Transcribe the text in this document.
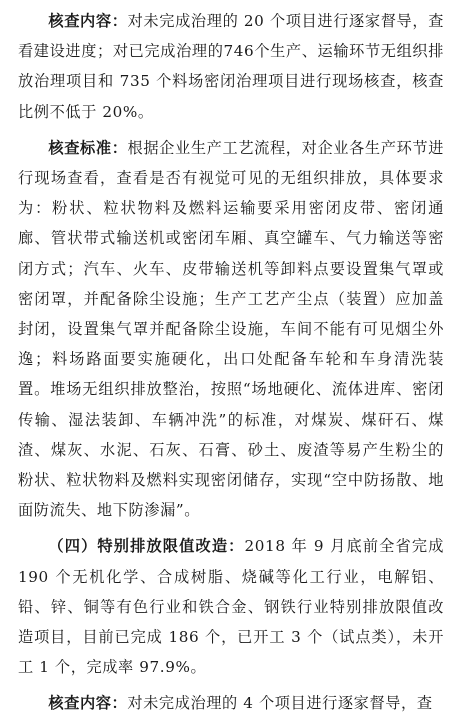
核查内容：对未完成治理的 20 个项目进行逐家督导，查看建设进度；对已完成治理的746个生产、运输环节无组织排放治理项目和 735 个料场密闭治理项目进行现场核查，核查比例不低于 20%。

核查标准：根据企业生产工艺流程，对企业各生产环节进行现场查看，查看是否有视觉可见的无组织排放，具体要求为：粉状、粒状物料及燃料运输要采用密闭皮带、密闭通廊、管状带式输送机或密闭车厢、真空罐车、气力输送等密闭方式；汽车、火车、皮带输送机等卸料点要设置集气罩或密闭罩，并配备除尘设施；生产工艺产尘点（装置）应加盖封闭，设置集气罩并配备除尘设施，车间不能有可见烟尘外逸；料场路面要实施硬化，出口处配备车轮和车身清洗装置。堆场无组织排放整治，按照“场地硬化、流体进库、密闭传输、湿法装卸、车辆冲洗”的标准，对煤炭、煤矸石、煤渣、煤灰、水泥、石灰、石膏、砂土、废渣等易产生粉尘的粉状、粒状物料及燃料实现密闭储存，实现“空中防扬散、地面防流失、地下防渗漏”。

（四）特别排放限值改造：2018 年 9 月底前全省完成 190 个无机化学、合成树脂、烧碱等化工行业，电解铝、铅、锌、铜等有色行业和铁合金、钢铁行业特别排放限值改造项目，目前已完成 186 个，已开工 3 个（试点类），未开工 1 个，完成率 97.9%。

核查内容：对未完成治理的 4 个项目进行逐家督导，查
